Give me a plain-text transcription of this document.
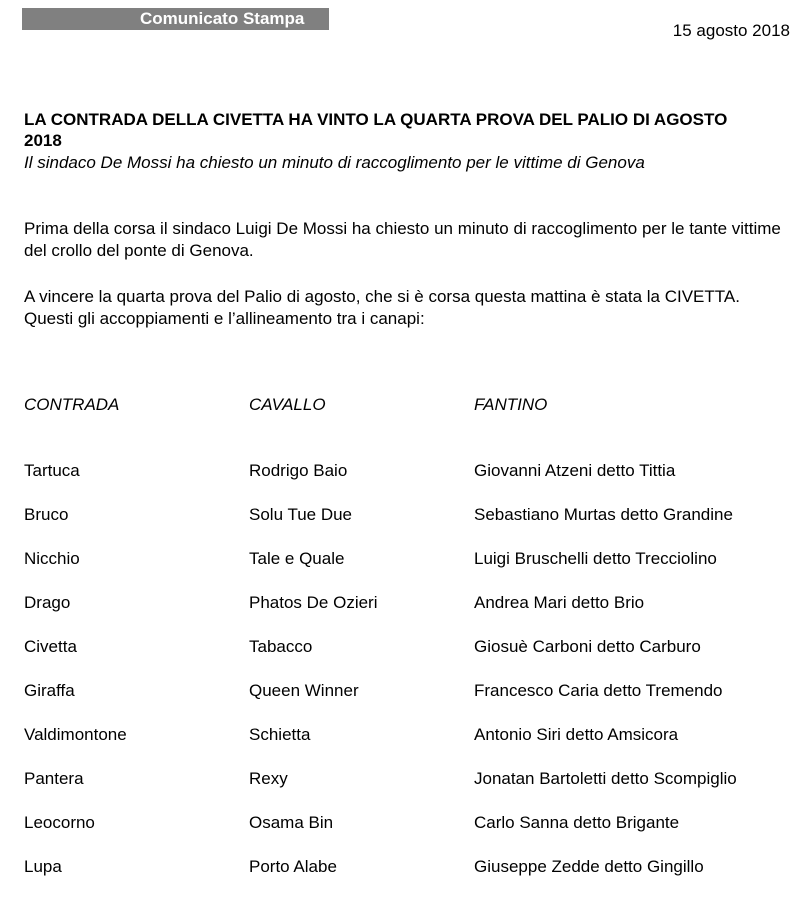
Comunicato Stampa
15 agosto 2018
LA CONTRADA DELLA CIVETTA HA VINTO LA QUARTA PROVA DEL PALIO DI AGOSTO 2018

Il sindaco De Mossi ha chiesto un minuto di raccoglimento per le vittime di Genova

Prima della corsa il sindaco Luigi De Mossi ha chiesto un minuto di raccoglimento per le tante vittime del crollo del ponte di Genova.

A vincere la quarta prova del Palio di agosto, che si è corsa questa mattina è stata la CIVETTA. Questi gli accoppiamenti e l’allineamento tra i canapi:

CONTRADA	CAVALLO	FANTINO
Tartuca	Rodrigo Baio	Giovanni Atzeni detto Tittia
Bruco	Solu Tue Due	Sebastiano Murtas detto Grandine
Nicchio	Tale e Quale	Luigi Bruschelli detto Trecciolino
Drago	Phatos De Ozieri	Andrea Mari detto Brio
Civetta	Tabacco	Giosuè Carboni detto Carburo
Giraffa	Queen Winner	Francesco Caria detto Tremendo
Valdimontone	Schietta	Antonio Siri detto Amsicora
Pantera	Rexy	Jonatan Bartoletti detto Scompiglio
Leocorno	Osama Bin	Carlo Sanna detto Brigante
Lupa	Porto Alabe	Giuseppe Zedde detto Gingillo
